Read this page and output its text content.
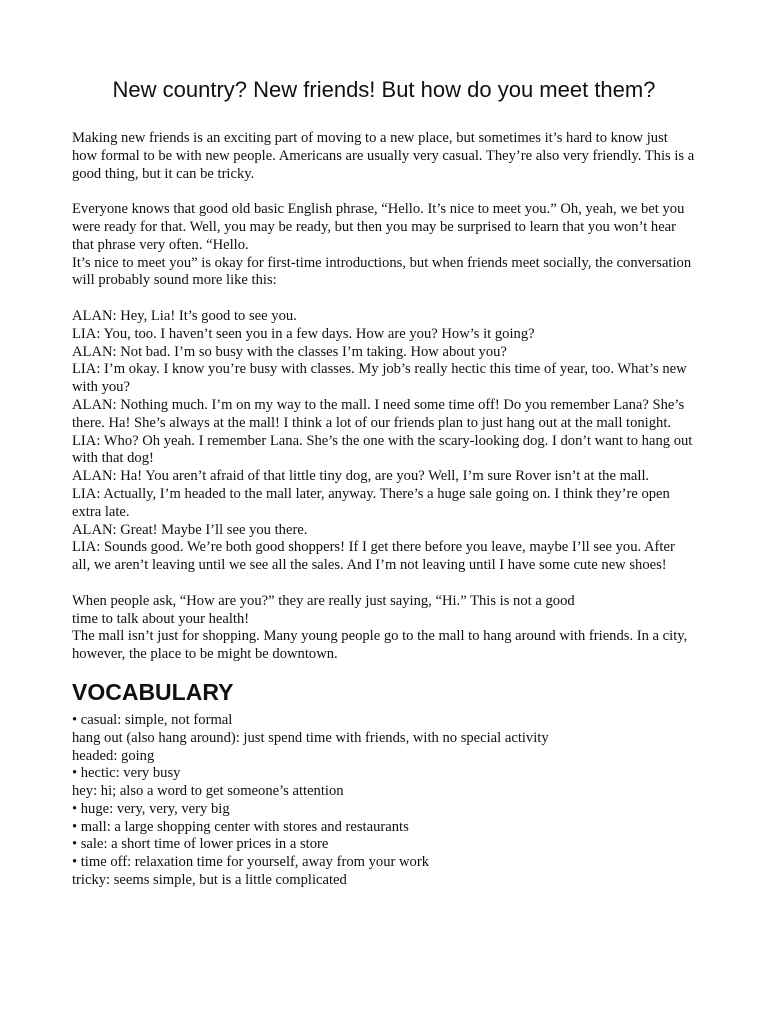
New country? New friends! But how do you meet them?

Making new friends is an exciting part of moving to a new place, but sometimes it’s hard to know just how formal to be with new people. Americans are usually very casual. They’re also very friendly. This is a good thing, but it can be tricky.

Everyone knows that good old basic English phrase, “Hello. It’s nice to meet you.” Oh, yeah, we bet you were ready for that. Well, you may be ready, but then you may be surprised to learn that you won’t hear that phrase very often. “Hello.

It’s nice to meet you” is okay for first-time introductions, but when friends meet socially, the conversation will probably sound more like this:

ALAN: Hey, Lia! It’s good to see you.

LIA: You, too. I haven’t seen you in a few days. How are you? How’s it going?

ALAN: Not bad. I’m so busy with the classes I’m taking. How about you?

LIA: I’m okay. I know you’re busy with classes. My job’s really hectic this time of year, too. What’s new with you?

ALAN: Nothing much. I’m on my way to the mall. I need some time off! Do you remember Lana? She’s there. Ha! She’s always at the mall! I think a lot of our friends plan to just hang out at the mall tonight.

LIA: Who? Oh yeah. I remember Lana. She’s the one with the scary-looking dog. I don’t want to hang out with that dog!

ALAN: Ha! You aren’t afraid of that little tiny dog, are you? Well, I’m sure Rover isn’t at the mall.

LIA: Actually, I’m headed to the mall later, anyway. There’s a huge sale going on. I think they’re open extra late.

ALAN: Great! Maybe I’ll see you there.

LIA: Sounds good. We’re both good shoppers! If I get there before you leave, maybe I’ll see you. After all, we aren’t leaving until we see all the sales. And I’m not leaving until I have some cute new shoes!

When people ask, “How are you?” they are really just saying, “Hi.” This is not a good

time to talk about your health!

The mall isn’t just for shopping. Many young people go to the mall to hang around with friends. In a city, however, the place to be might be downtown.

VOCABULARY
• casual: simple, not formal
hang out (also hang around): just spend time with friends, with no special activity
headed: going
• hectic: very busy
hey: hi; also a word to get someone’s attention
• huge: very, very, very big
• mall: a large shopping center with stores and restaurants
• sale: a short time of lower prices in a store
• time off: relaxation time for yourself, away from your work
tricky: seems simple, but is a little complicated
